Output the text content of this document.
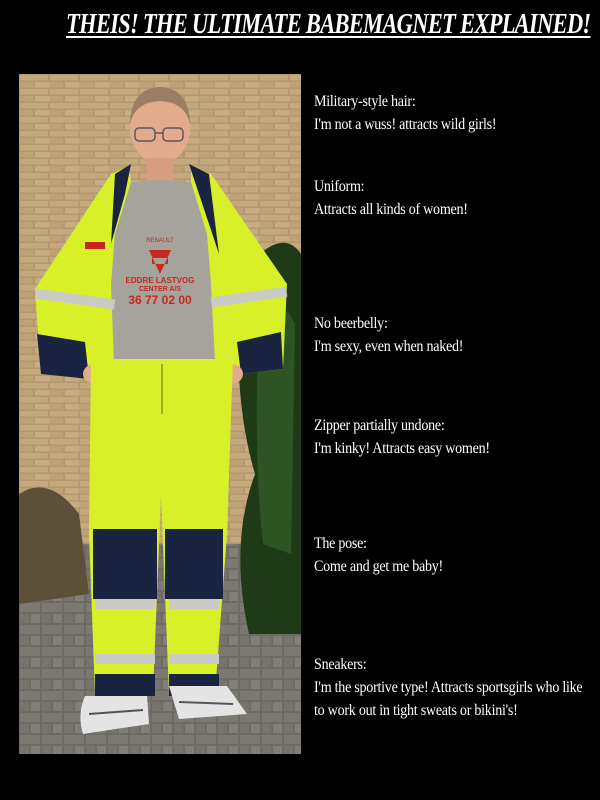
THEIS! THE ULTIMATE BABEMAGNET EXPLAINED!
RENAULT
EDDRE LASTVOG
CENTER A/S
36 77 02 00
Military-style hair:
I'm not a wuss! attracts wild girls!
Uniform:
Attracts all kinds of women!
No beerbelly:
I'm sexy, even when naked!
Zipper partially undone:
I'm kinky! Attracts easy women!
The pose:
Come and get me baby!
Sneakers:
I'm the sportive type! Attracts sportsgirls who like to work out in tight sweats or bikini's!
